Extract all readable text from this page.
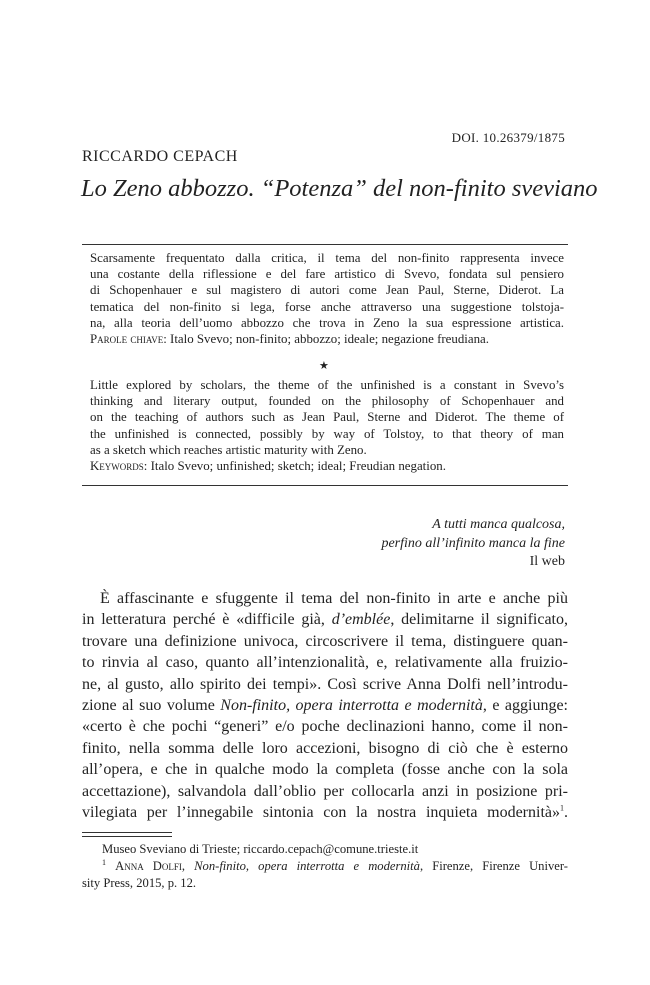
DOI. 10.26379/1875
RICCARDO CEPACH
Lo Zeno abbozzo. “Potenza” del non-finito sveviano
Scarsamente frequentato dalla critica, il tema del non-finito rappresenta invece
una costante della riflessione e del fare artistico di Svevo, fondata sul pensiero
di Schopenhauer e sul magistero di autori come Jean Paul, Sterne, Diderot. La
tematica del non-finito si lega, forse anche attraverso una suggestione tolstoja-
na, alla teoria dell’uomo abbozzo che trova in Zeno la sua espressione artistica.
Parole chiave: Italo Svevo; non-finito; abbozzo; ideale; negazione freudiana.
★
Little explored by scholars, the theme of the unfinished is a constant in Svevo’s
thinking and literary output, founded on the philosophy of Schopenhauer and
on the teaching of authors such as Jean Paul, Sterne and Diderot. The theme of
the unfinished is connected, possibly by way of Tolstoy, to that theory of man
as a sketch which reaches artistic maturity with Zeno.
Keywords: Italo Svevo; unfinished; sketch; ideal; Freudian negation.
A tutti manca qualcosa,
perfino all’infinito manca la fine
Il web
È affascinante e sfuggente il tema del non-finito in arte e anche più
in letteratura perché è «difficile già, d’emblée, delimitarne il significato,
trovare una definizione univoca, circoscrivere il tema, distinguere quan-
to rinvia al caso, quanto all’intenzionalità, e, relativamente alla fruizio-
ne, al gusto, allo spirito dei tempi». Così scrive Anna Dolfi nell’introdu-
zione al suo volume Non-finito, opera interrotta e modernità, e aggiunge:
«certo è che pochi “generi” e/o poche declinazioni hanno, come il non-
finito, nella somma delle loro accezioni, bisogno di ciò che è esterno
all’opera, e che in qualche modo la completa (fosse anche con la sola
accettazione), salvandola dall’oblio per collocarla anzi in posizione pri-
vilegiata per l’innegabile sintonia con la nostra inquieta modernità»$^1$.
Museo Sveviano di Trieste; riccardo.cepach@comune.trieste.it
$^1$ Anna Dolfi, Non-finito, opera interrotta e modernità, Firenze, Firenze Univer-
sity Press, 2015, p. 12.
